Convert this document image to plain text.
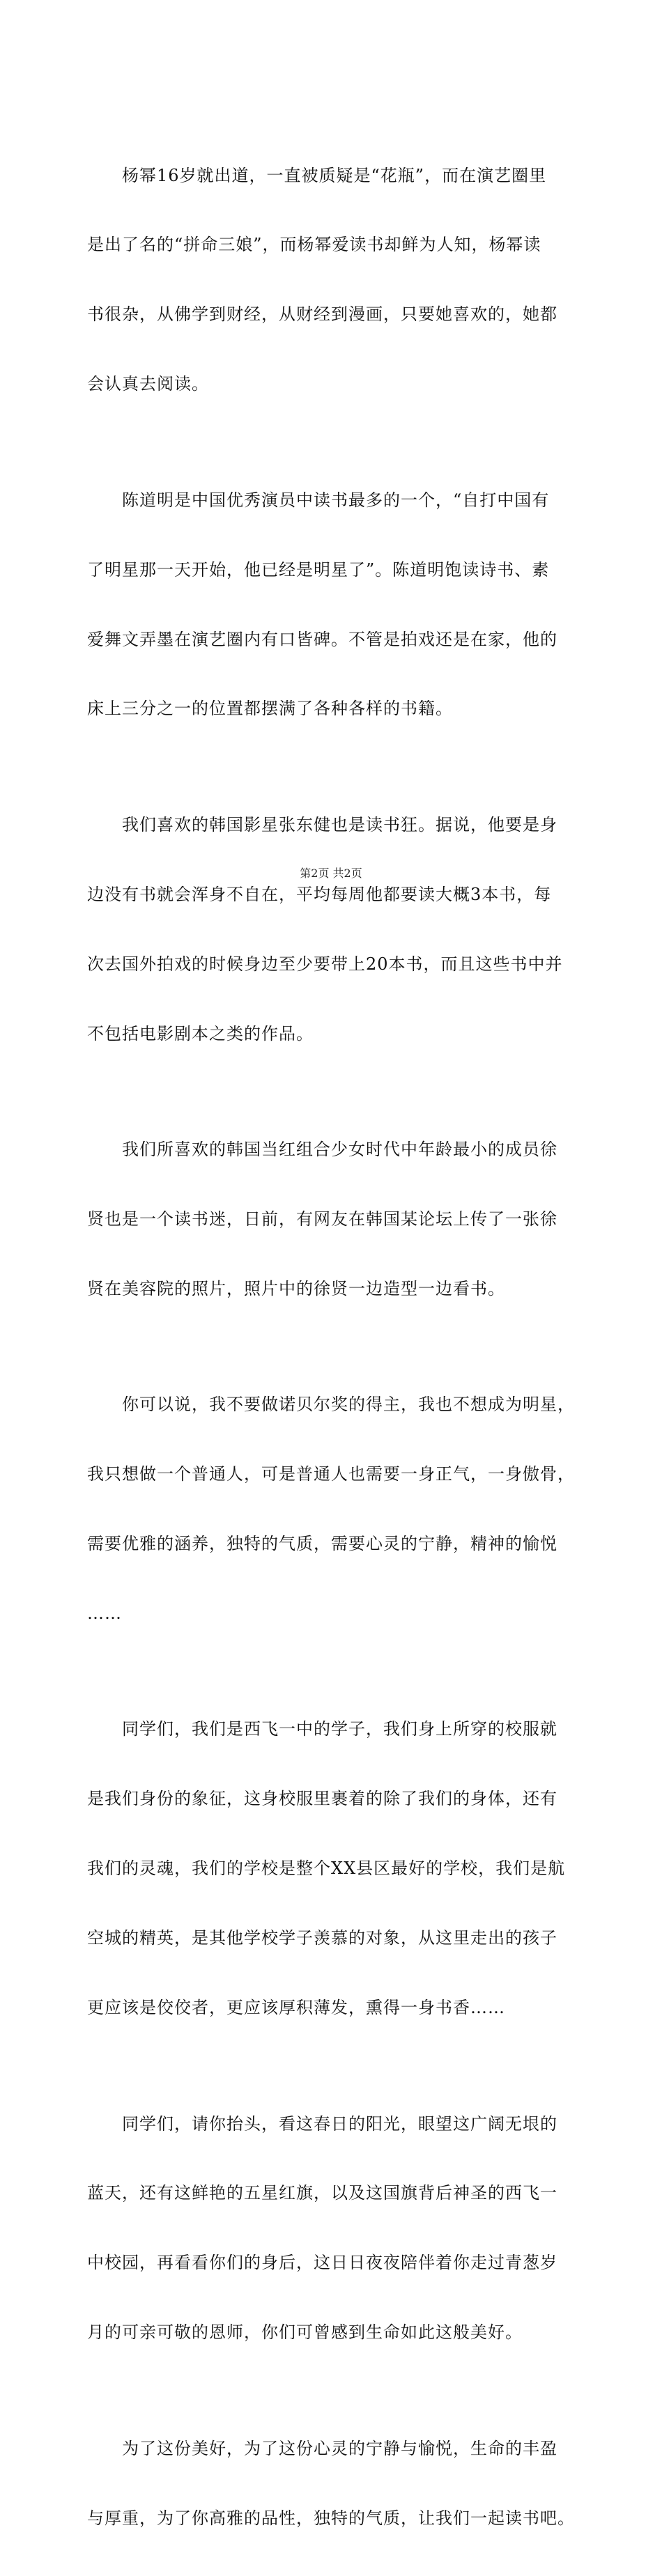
　　杨幂16岁就出道，一直被质疑是“花瓶”，而在演艺圈里

是出了名的“拼命三娘”，而杨幂爱读书却鲜为人知，杨幂读

书很杂，从佛学到财经，从财经到漫画，只要她喜欢的，她都

会认真去阅读。

　　陈道明是中国优秀演员中读书最多的一个，“自打中国有

了明星那一天开始，他已经是明星了”。陈道明饱读诗书、素

爱舞文弄墨在演艺圈内有口皆碑。不管是拍戏还是在家，他的

床上三分之一的位置都摆满了各种各样的书籍。

　　我们喜欢的韩国影星张东健也是读书狂。据说，他要是身

边没有书就会浑身不自在，平均每周他都要读大概3本书，每

次去国外拍戏的时候身边至少要带上20本书，而且这些书中并

不包括电影剧本之类的作品。

　　我们所喜欢的韩国当红组合少女时代中年龄最小的成员徐

贤也是一个读书迷，日前，有网友在韩国某论坛上传了一张徐

贤在美容院的照片，照片中的徐贤一边造型一边看书。

　　你可以说，我不要做诺贝尔奖的得主，我也不想成为明星，

我只想做一个普通人，可是普通人也需要一身正气，一身傲骨，

需要优雅的涵养，独特的气质，需要心灵的宁静，精神的愉悦

……

　　同学们，我们是西飞一中的学子，我们身上所穿的校服就

是我们身份的象征，这身校服里裹着的除了我们的身体，还有

我们的灵魂，我们的学校是整个XX县区最好的学校，我们是航

空城的精英，是其他学校学子羡慕的对象，从这里走出的孩子

更应该是佼佼者，更应该厚积薄发，熏得一身书香……

　　同学们，请你抬头，看这春日的阳光，眼望这广阔无垠的

蓝天，还有这鲜艳的五星红旗，以及这国旗背后神圣的西飞一

中校园，再看看你们的身后，这日日夜夜陪伴着你走过青葱岁

月的可亲可敬的恩师，你们可曾感到生命如此这般美好。

　　为了这份美好，为了这份心灵的宁静与愉悦，生命的丰盈

与厚重，为了你高雅的品性，独特的气质，让我们一起读书吧。

第2页 共2页
